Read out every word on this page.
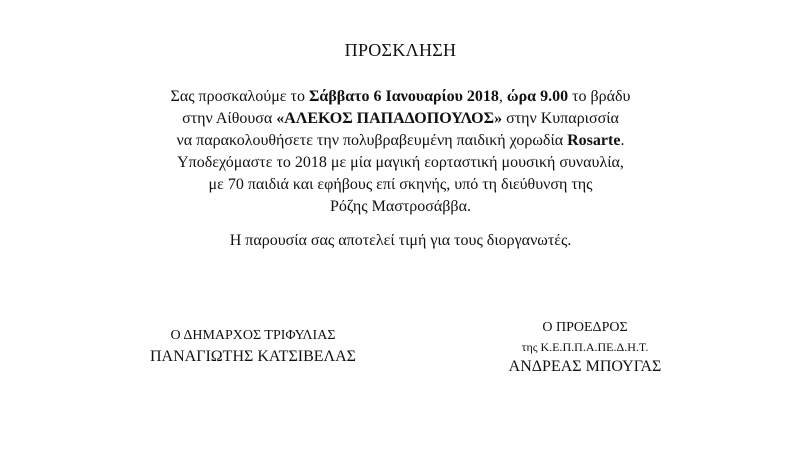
ΠΡΟΣΚΛΗΣΗ
Σας προσκαλούμε το Σάββατο 6 Ιανουαρίου 2018, ώρα 9.00 το βράδυ
στην Αίθουσα «ΑΛΕΚΟΣ ΠΑΠΑΔΟΠΟΥΛΟΣ» στην Κυπαρισσία
να παρακολουθήσετε την πολυβραβευμένη παιδική χορωδία Rosarte.
Υποδεχόμαστε το 2018 με μία μαγική εορταστική μουσική συναυλία,
με 70 παιδιά και εφήβους επί σκηνής, υπό τη διεύθυνση της
Ρόζης Μαστροσάββα.
Η παρουσία σας αποτελεί τιμή για τους διοργανωτές.
Ο ΔΗΜΑΡΧΟΣ ΤΡΙΦΥΛΙΑΣ
ΠΑΝΑΓΙΩΤΗΣ ΚΑΤΣΙΒΕΛΑΣ
Ο ΠΡΟΕΔΡΟΣ
της Κ.Ε.Π.Π.Α.ΠΕ.Δ.Η.Τ.
ΑΝΔΡΕΑΣ ΜΠΟΥΓΑΣ
